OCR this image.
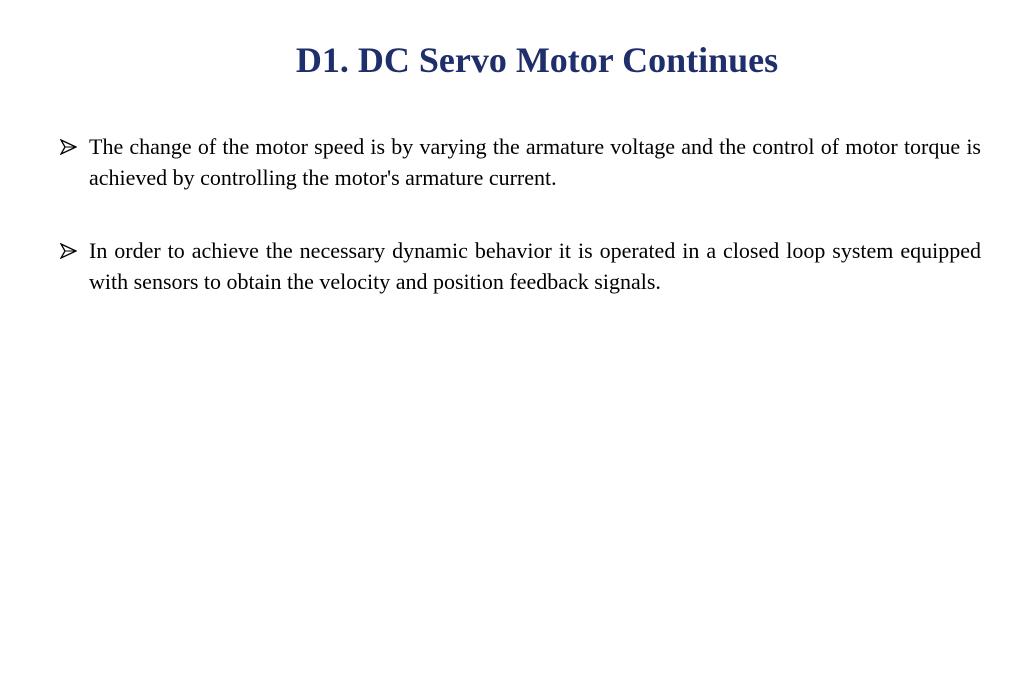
D1. DC Servo Motor Continues
The change of the motor speed is by varying the armature voltage and the control of motor torque is achieved by controlling the motor's armature current.
In order to achieve the necessary dynamic behavior it is operated in a closed loop system equipped with sensors to obtain the velocity and position feedback signals.
